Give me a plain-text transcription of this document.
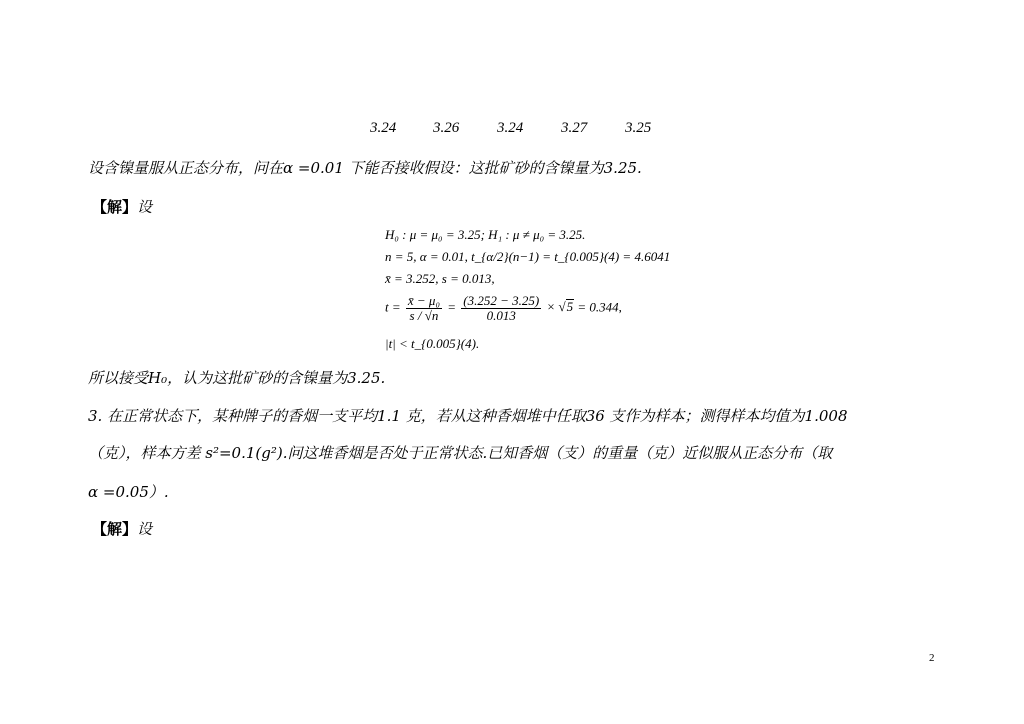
3.24 3.26	3.24	3.27	3.25
设含镍量服从正态分布，问在α =0.01 下能否接收假设：这批矿砂的含镍量为3.25.
【解】设
H₀ : μ = μ₀ = 3.25; H₁ : μ ≠ μ₀ = 3.25.
n = 5, α = 0.01, t_{α/2}(n−1) = t_{0.005}(4) = 4.6041
x̄ = 3.252, s = 0.013,
$t = \frac{\text{x̄ − μ₀}}{s / √n} = \frac{(3.252 - 3.25)}{0.013} \times √5 = 0.344$,
|t| < t_{0.005}(4).
所以接受H₀，认为这批矿砂的含镍量为3.25.
3. 在正常状态下，某种牌子的香烟一支平均1.1 克，若从这种香烟堆中任取36 支作为样本；测得样本均值为1.008
（克），样本方差 s²=0.1(g²).问这堆香烟是否处于正常状态.已知香烟（支）的重量（克）近似服从正态分布（取
α =0.05）.
【解】设
2
